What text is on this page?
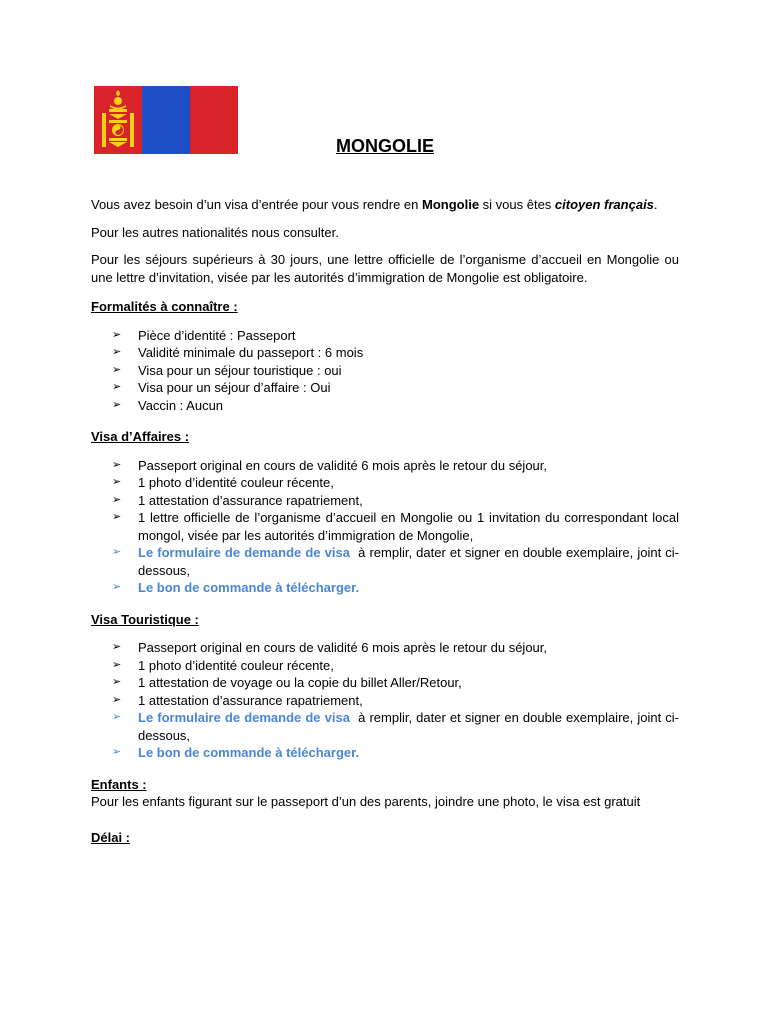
MONGOLIE

Vous avez besoin d’un visa d’entrée pour vous rendre en Mongolie si vous êtes citoyen français.

Pour les autres nationalités nous consulter.

Pour les séjours supérieurs à 30 jours, une lettre officielle de l’organisme d’accueil en Mongolie ou une lettre d’invitation, visée par les autorités d’immigration de Mongolie est obligatoire.

Formalités à connaître :
➢ Pièce d’identité : Passeport
➢ Validité minimale du passeport : 6 mois
➢ Visa pour un séjour touristique : oui
➢ Visa pour un séjour d’affaire : Oui
➢ Vaccin : Aucun
Visa d’Affaires :
➢ Passeport original en cours de validité 6 mois après le retour du séjour,
➢ 1 photo d’identité couleur récente,
➢ 1 attestation d’assurance rapatriement,
➢ 1 lettre officielle de l’organisme d’accueil en Mongolie ou 1 invitation du correspondant local mongol, visée par les autorités d’immigration de Mongolie,
➢ Le formulaire de demande de visa  à remplir, dater et signer en double exemplaire, joint ci-dessous,
➢ Le bon de commande à télécharger.
Visa Touristique :
➢ Passeport original en cours de validité 6 mois après le retour du séjour,
➢ 1 photo d’identité couleur récente,
➢ 1 attestation de voyage ou la copie du billet Aller/Retour,
➢ 1 attestation d’assurance rapatriement,
➢ Le formulaire de demande de visa  à remplir, dater et signer en double exemplaire, joint ci-dessous,
➢ Le bon de commande à télécharger.
Enfants :

Pour les enfants figurant sur le passeport d’un des parents, joindre une photo, le visa est gratuit

Délai :
